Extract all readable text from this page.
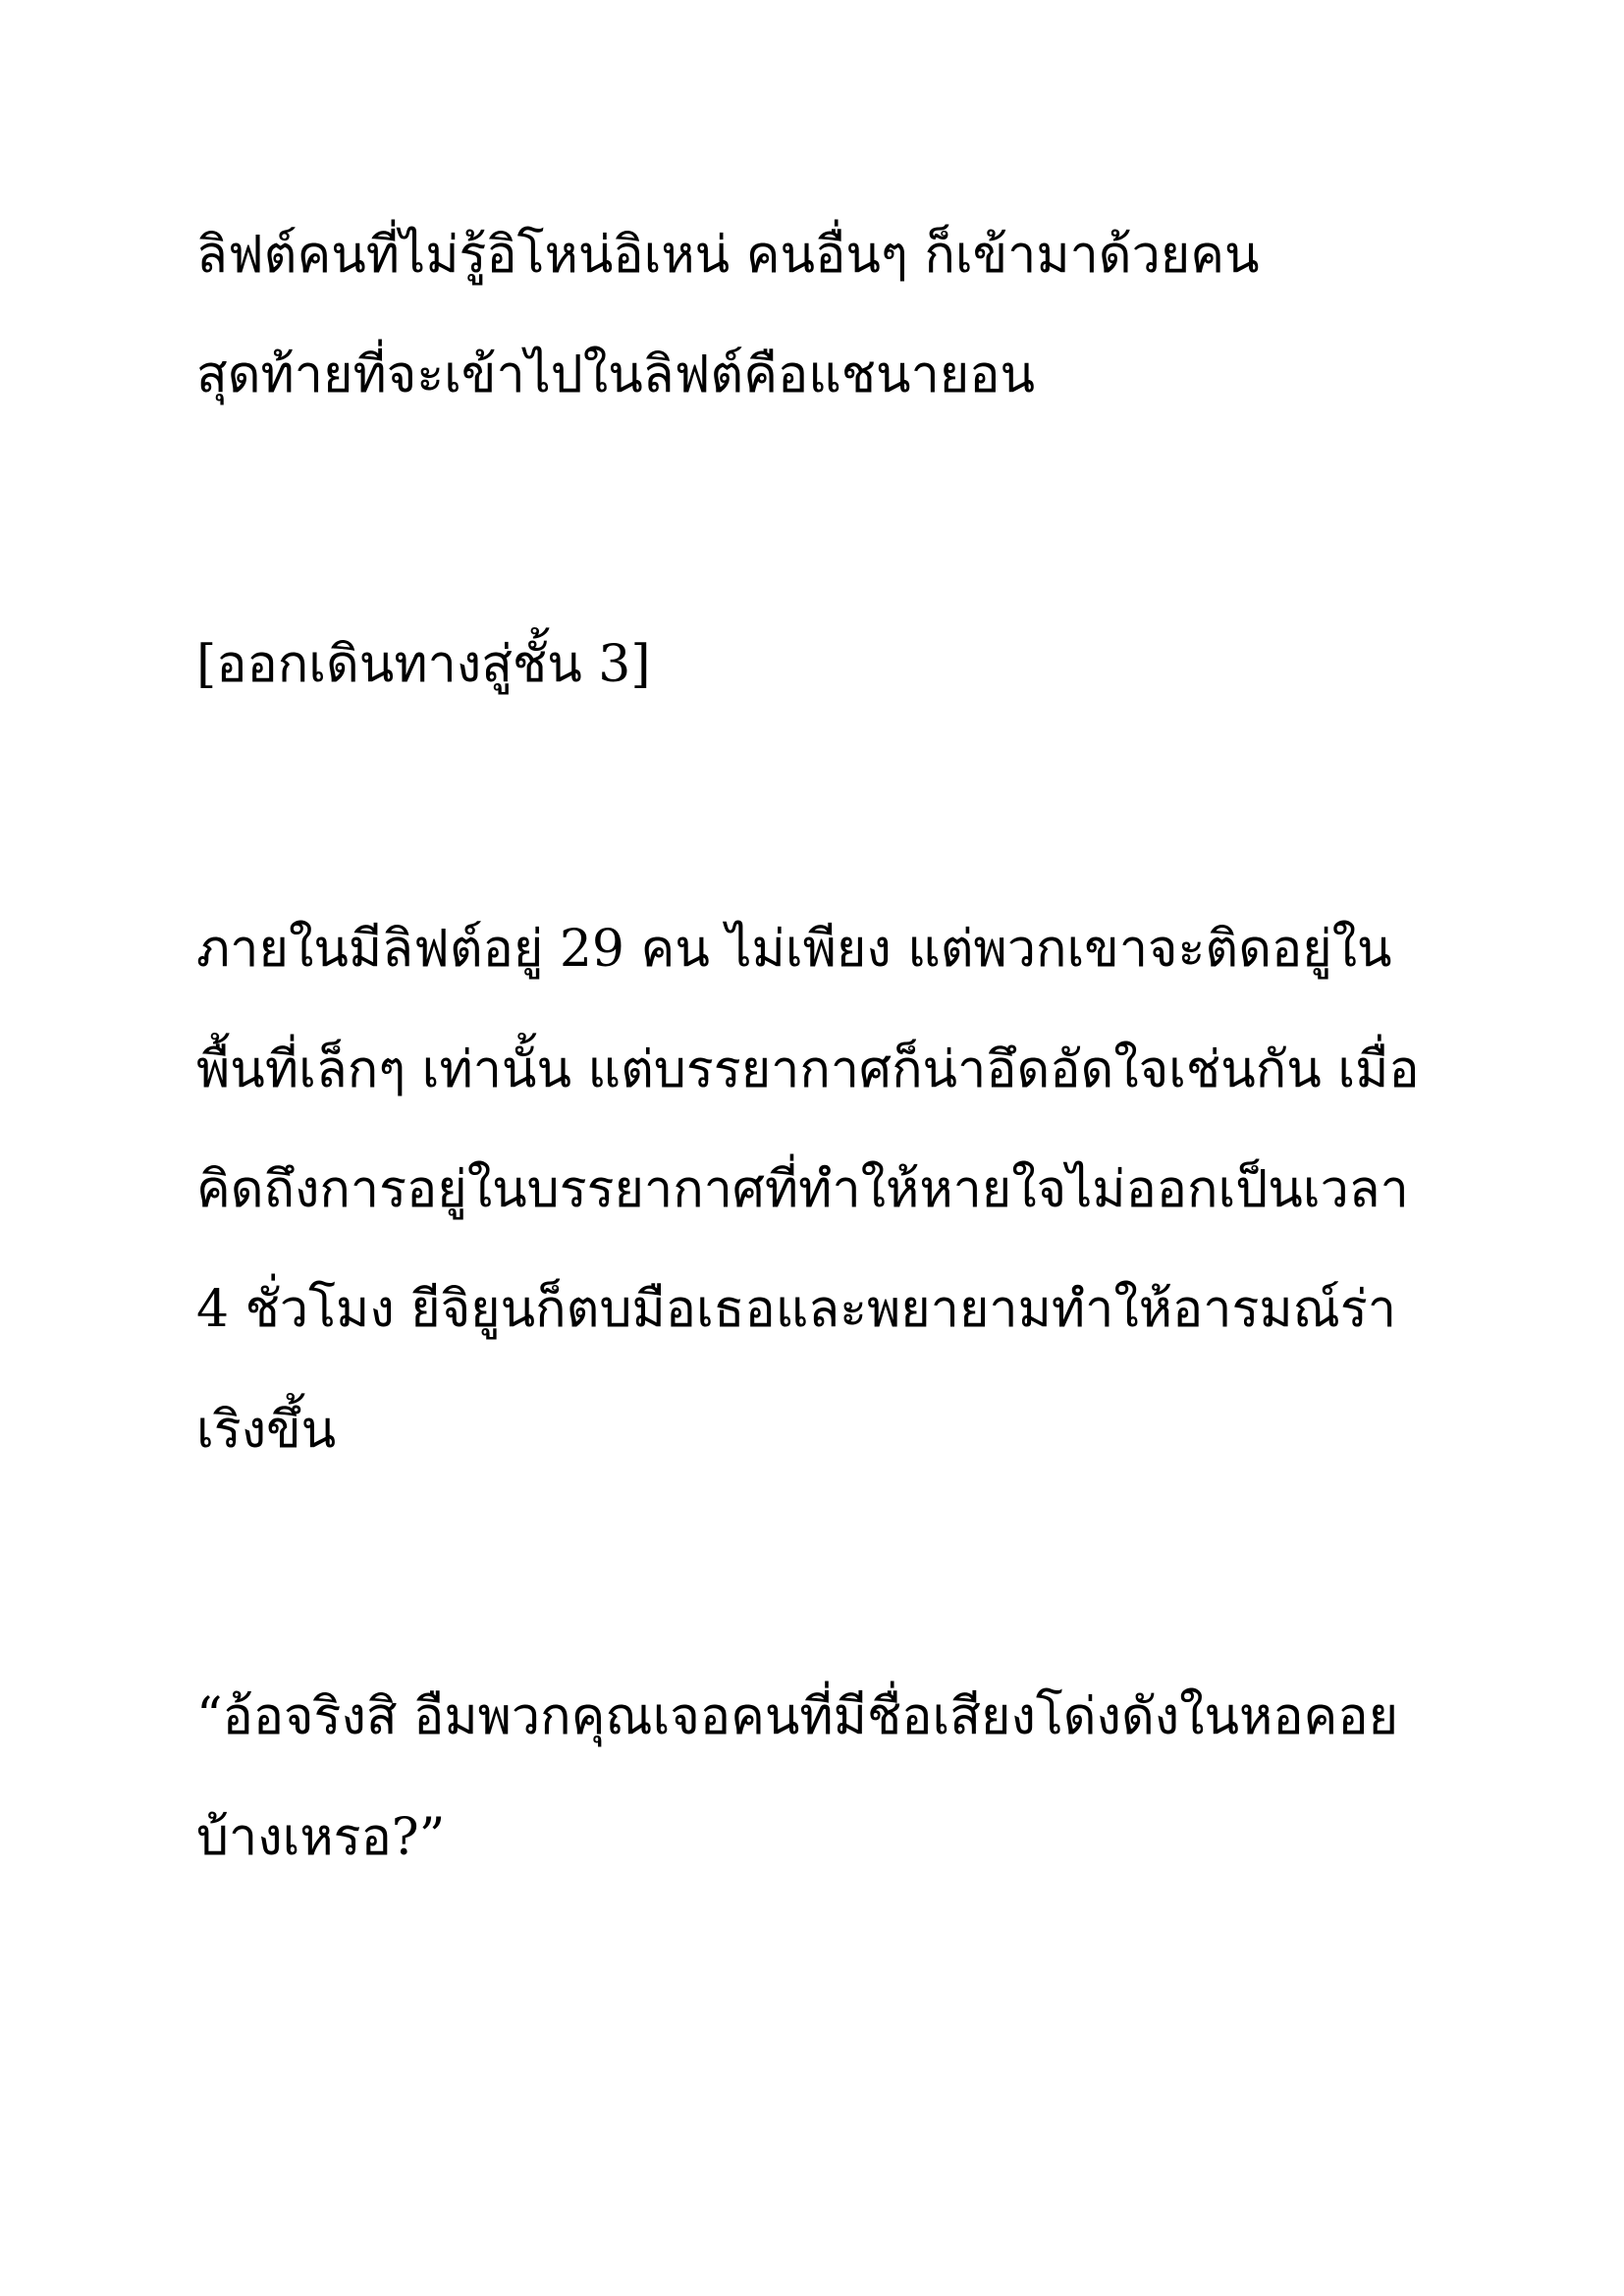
ลิฟต์คนที่ไม่รู้อิโหน่อิเหน่ คนอื่นๆ ก็เข้ามาด้วยคน

สุดท้ายที่จะเข้าไปในลิฟต์คือแชนายอน

[ออกเดินทางสู่ชั้น 3]

ภายในมีลิฟต์อยู่ 29 คน ไม่เพียง แต่พวกเขาจะติดอยู่ใน

พื้นที่เล็กๆ เท่านั้น แต่บรรยากาศก็น่าอึดอัดใจเช่นกัน เมื่อ

คิดถึงการอยู่ในบรรยากาศที่ทำให้หายใจไม่ออกเป็นเวลา

4 ชั่วโมง ยีจิยูนก็ตบมือเธอและพยายามทำให้อารมณ์ร่า

เริงขึ้น

“อ้อจริงสิ อืมพวกคุณเจอคนที่มีชื่อเสียงโด่งดังในหอคอย

บ้างเหรอ?”
